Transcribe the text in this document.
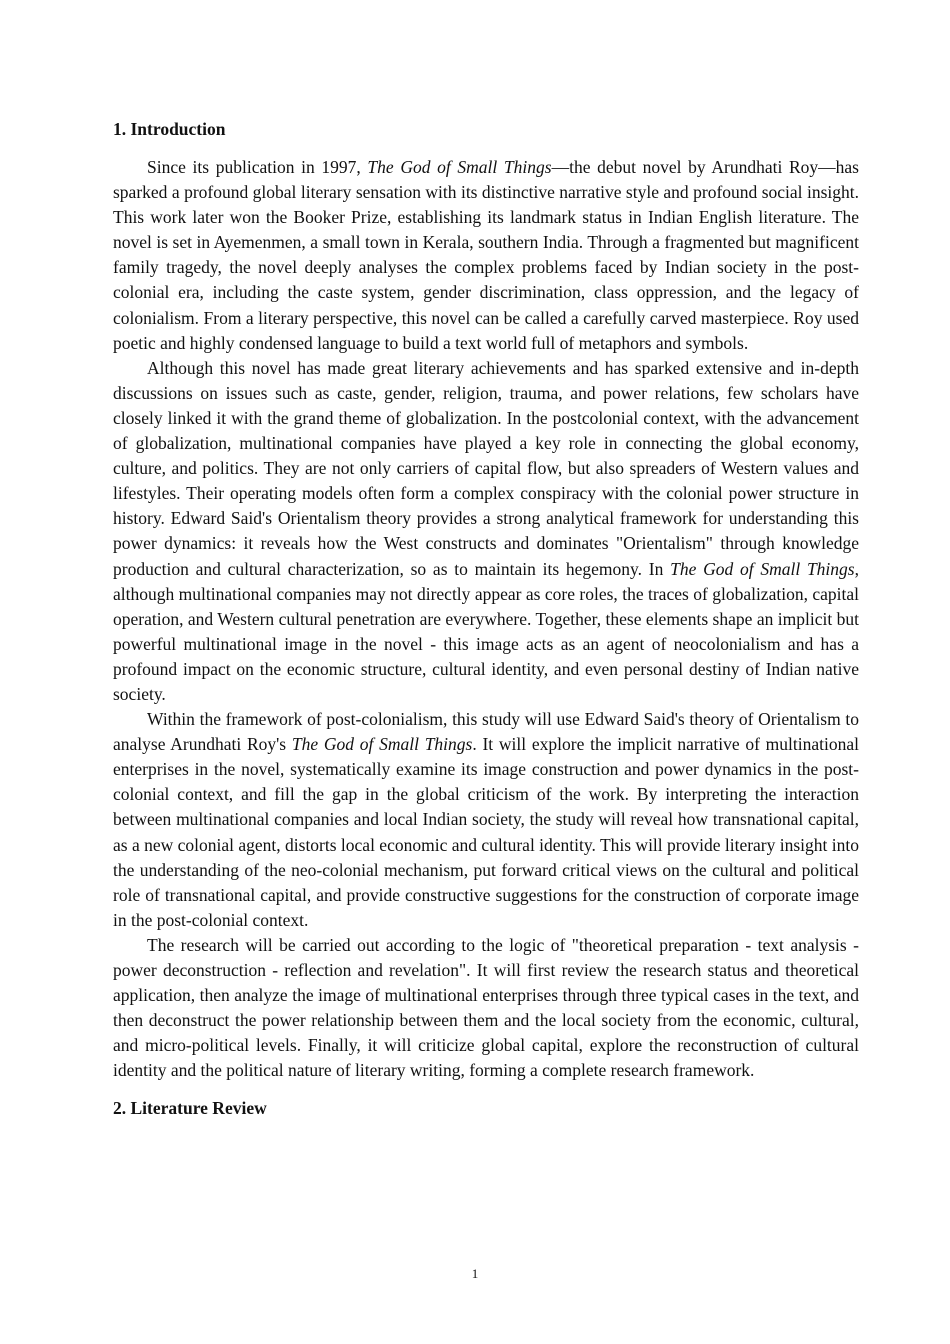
1. Introduction

Since its publication in 1997, The God of Small Things—the debut novel by Arundhati Roy—has sparked a profound global literary sensation with its distinctive narrative style and profound social insight. This work later won the Booker Prize, establishing its landmark status in Indian English literature. The novel is set in Ayemenmen, a small town in Kerala, southern India. Through a fragmented but magnificent family tragedy, the novel deeply analyses the complex problems faced by Indian society in the post-colonial era, including the caste system, gender discrimination, class oppression, and the legacy of colonialism. From a literary perspective, this novel can be called a carefully carved masterpiece. Roy used poetic and highly condensed language to build a text world full of metaphors and symbols.

Although this novel has made great literary achievements and has sparked extensive and in-depth discussions on issues such as caste, gender, religion, trauma, and power relations, few scholars have closely linked it with the grand theme of globalization. In the postcolonial context, with the advancement of globalization, multinational companies have played a key role in connecting the global economy, culture, and politics. They are not only carriers of capital flow, but also spreaders of Western values and lifestyles. Their operating models often form a complex conspiracy with the colonial power structure in history. Edward Said's Orientalism theory provides a strong analytical framework for understanding this power dynamics: it reveals how the West constructs and dominates "Orientalism" through knowledge production and cultural characterization, so as to maintain its hegemony. In The God of Small Things, although multinational companies may not directly appear as core roles, the traces of globalization, capital operation, and Western cultural penetration are everywhere. Together, these elements shape an implicit but powerful multinational image in the novel - this image acts as an agent of neocolonialism and has a profound impact on the economic structure, cultural identity, and even personal destiny of Indian native society.

Within the framework of post-colonialism, this study will use Edward Said's theory of Orientalism to analyse Arundhati Roy's The God of Small Things. It will explore the implicit narrative of multinational enterprises in the novel, systematically examine its image construction and power dynamics in the post-colonial context, and fill the gap in the global criticism of the work. By interpreting the interaction between multinational companies and local Indian society, the study will reveal how transnational capital, as a new colonial agent, distorts local economic and cultural identity. This will provide literary insight into the understanding of the neo-colonial mechanism, put forward critical views on the cultural and political role of transnational capital, and provide constructive suggestions for the construction of corporate image in the post-colonial context.

The research will be carried out according to the logic of "theoretical preparation - text analysis - power deconstruction - reflection and revelation". It will first review the research status and theoretical application, then analyze the image of multinational enterprises through three typical cases in the text, and then deconstruct the power relationship between them and the local society from the economic, cultural, and micro-political levels. Finally, it will criticize global capital, explore the reconstruction of cultural identity and the political nature of literary writing, forming a complete research framework.

2. Literature Review
1
